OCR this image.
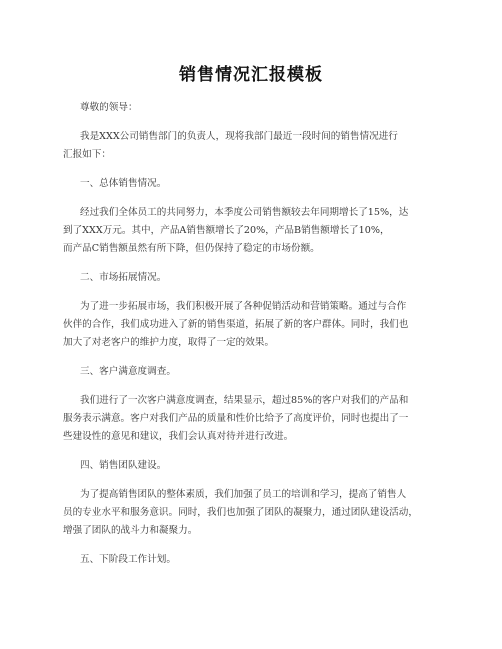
销售情况汇报模板
尊敬的领导：
我是XXX公司销售部门的负责人，现将我部门最近一段时间的销售情况进行
汇报如下：
一、总体销售情况。
经过我们全体员工的共同努力，本季度公司销售额较去年同期增长了15%，达
到了XXX万元。其中，产品A销售额增长了20%，产品B销售额增长了10%，
而产品C销售额虽然有所下降，但仍保持了稳定的市场份额。
二、市场拓展情况。
为了进一步拓展市场，我们积极开展了各种促销活动和营销策略。通过与合作
伙伴的合作，我们成功进入了新的销售渠道，拓展了新的客户群体。同时，我们也
加大了对老客户的维护力度，取得了一定的效果。
三、客户满意度调查。
我们进行了一次客户满意度调查，结果显示，超过85%的客户对我们的产品和
服务表示满意。客户对我们产品的质量和性价比给予了高度评价，同时也提出了一
些建设性的意见和建议，我们会认真对待并进行改进。
四、销售团队建设。
为了提高销售团队的整体素质，我们加强了员工的培训和学习，提高了销售人
员的专业水平和服务意识。同时，我们也加强了团队的凝聚力，通过团队建设活动，
增强了团队的战斗力和凝聚力。
五、下阶段工作计划。
